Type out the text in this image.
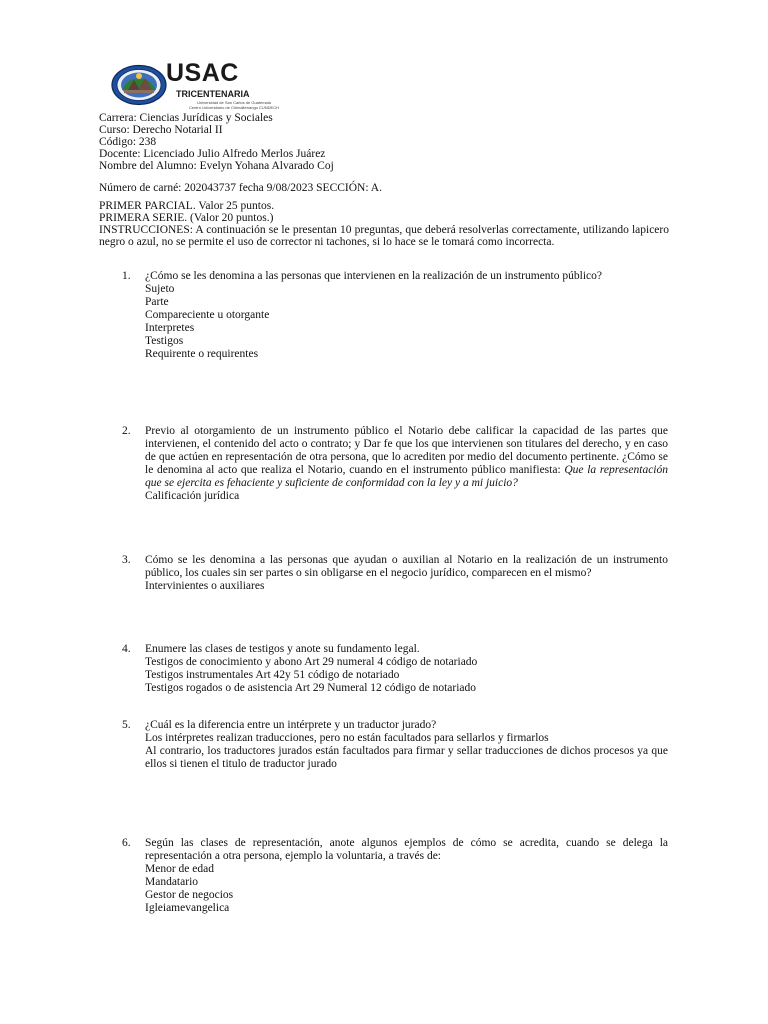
USAC
TRICENTENARIA
Universidad de San Carlos de Guatemala
Centro Universitario de Chimaltenango CUNDECH
Carrera: Ciencias Jurídicas y Sociales
Curso: Derecho Notarial II
Código: 238
Docente: Licenciado Julio Alfredo Merlos Juárez
Nombre del Alumno: Evelyn Yohana Alvarado Coj
Número de carné: 202043737 fecha 9/08/2023 SECCIÓN: A.
PRIMER PARCIAL. Valor 25 puntos.
PRIMERA SERIE. (Valor 20 puntos.)
INSTRUCCIONES: A continuación se le presentan 10 preguntas, que deberá resolverlas correctamente, utilizando lapicero negro o azul, no se permite el uso de corrector ni tachones, si lo hace se le tomará como incorrecta.
1. ¿Cómo se les denomina a las personas que intervienen en la realización de un instrumento público?
Sujeto
Parte
Compareciente u otorgante
Interpretes
Testigos
Requirente o requirentes
2. Previo al otorgamiento de un instrumento público el Notario debe calificar la capacidad de las partes que intervienen, el contenido del acto o contrato; y Dar fe que los que intervienen son titulares del derecho, y en caso de que actúen en representación de otra persona, que lo acrediten por medio del documento pertinente. ¿Cómo se le denomina al acto que realiza el Notario, cuando en el instrumento público manifiesta: Que la representación que se ejercita es fehaciente y suficiente de conformidad con la ley y a mi juicio?
Calificación jurídica
3. Cómo se les denomina a las personas que ayudan o auxilian al Notario en la realización de un instrumento público, los cuales sin ser partes o sin obligarse en el negocio jurídico, comparecen en el mismo?
Intervinientes o auxiliares
4. Enumere las clases de testigos y anote su fundamento legal.
Testigos de conocimiento y abono Art 29 numeral 4 código de notariado
Testigos instrumentales Art 42y 51 código de notariado
Testigos rogados o de asistencia Art 29 Numeral 12 código de notariado
5. ¿Cuál es la diferencia entre un intérprete y un traductor jurado?
Los intérpretes realizan traducciones, pero no están facultados para sellarlos y firmarlos
Al contrario, los traductores jurados están facultados para firmar y sellar traducciones de dichos procesos ya que ellos si tienen el titulo de traductor jurado
6. Según las clases de representación, anote algunos ejemplos de cómo se acredita, cuando se delega la representación a otra persona, ejemplo la voluntaria, a través de:
Menor de edad
Mandatario
Gestor de negocios
Igleiamevangelica
